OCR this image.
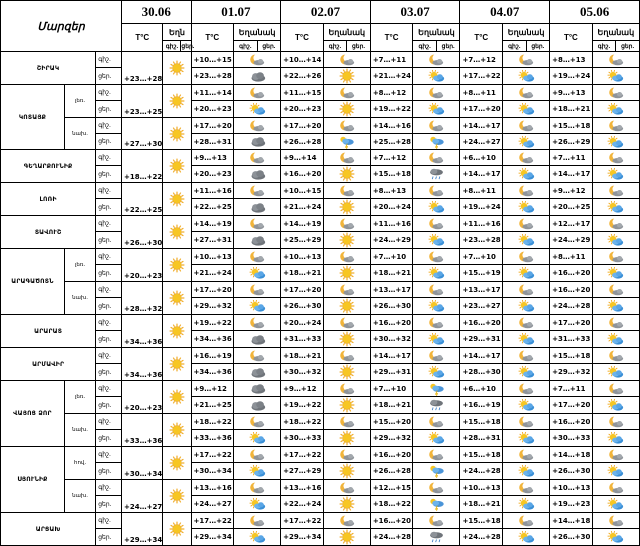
Մարզեր			30.06			01.07			02.07			03.07			04.07			05.06		
			T°C	Եղն		T°C	Եղանակ		T°C	Եղանակ		T°C	Եղանակ		T°C	Եղանակ		T°C	Եղանակ	
				գիշ.	ցեր.		գիշ.	ցեր.		գիշ.	ցեր.		գիշ.	ցեր.		գիշ.	ցեր.		գիշ.	ցեր.
ՇԻՐԱԿ		գիշ.	+23…+28			+10…+15			+10…+14			+7…+11			+7…+12			+8…+13	

		ցեր.				+23…+28			+22…+26			+21…+24			+17…+22			+19…+24	

ԿՈՏԱՅՔ	լեռ.	գիշ.	+23…+25			+11…+14			+11…+15			+8…+12			+8…+11			+9…+13	

		ցեր.				+20…+23			+20…+23			+19…+22			+17…+20			+18…+21	

	նախ.	գիշ.	+27…+30			+17…+20			+17…+20			+14…+16			+14…+17			+15…+18	

		ցեր.				+28…+31			+26…+28			+25…+28			+24…+27			+26…+29	

ԳԵՂԱՐՔՈՒՆԻՔ		գիշ.	+18…+22			+9…+13			+9…+14			+7…+12			+6…+10			+7…+11	

		ցեր.				+20…+23			+16…+20			+15…+18			+14…+17			+14…+17	

ԼՈՌԻ		գիշ.	+22…+25			+11…+16			+10…+15			+8…+13			+8…+11			+9…+12	

		ցեր.				+22…+25			+21…+24			+20…+24			+19…+24			+20…+25	

ՏԱՎՈՒՇ		գիշ.	+26…+30			+14…+19			+14…+19			+11…+16			+11…+16			+12…+17	

		ցեր.				+27…+31			+25…+29			+24…+29			+23…+28			+24…+29	

ԱՐԱԳԱԾՈՏՆ	լեռ.	գիշ.	+20…+23			+10…+13			+10…+13			+7…+10			+7…+10			+8…+11	

		ցեր.				+21…+24			+18…+21			+18…+21			+15…+19			+16…+20	

	նախ.	գիշ.	+28…+32			+17…+20			+17…+20			+13…+17			+13…+17			+16…+20	

		ցեր.				+29…+32			+26…+30			+26…+30			+23…+27			+24…+28	

ԱՐԱՐԱՏ		գիշ.	+34…+36			+19…+22			+20…+24			+16…+20			+16…+20			+17…+20	

		ցեր.				+34…+36			+31…+33			+30…+32			+29…+31			+31…+33	

ԱՐՄԱՎԻՐ		գիշ.	+34…+36			+16…+19			+18…+21			+14…+17			+14…+17			+15…+18	

		ցեր.				+34…+36			+30…+32			+29…+31			+28…+30			+29…+32	

ՎԱՅՈՑ ՁՈՐ	լեռ.	գիշ.	+20…+23			+9…+12			+9…+12			+7…+10			+6…+10			+7…+11	

		ցեր.				+21…+25			+19…+22			+18…+21			+16…+19			+17…+20	

	նախ.	գիշ.	+33…+36			+18…+22			+18…+22			+15…+20			+15…+18			+16…+20	

		ցեր.				+33…+36			+30…+33			+29…+32			+28…+31			+30…+33	

ՍՅՈՒՆԻՔ	հով.	գիշ.	+30…+34			+17…+22			+17…+22			+16…+20			+15…+18			+14…+18	

		ցեր.				+30…+34			+27…+29			+26…+28			+24…+28			+26…+30	

	նախ.	գիշ.	+24…+27			+13…+16			+13…+16			+12…+15			+10…+13			+10…+13	

		ցեր.				+24…+27			+22…+24			+18…+22			+18…+21			+19…+23	

ԱՐՑԱԽ		գիշ.	+29…+34			+17…+22			+17…+22			+16…+20			+15…+18			+14…+18	

		ցեր.				+29…+34			+29…+34			+24…+28			+24…+28			+26…+30	
